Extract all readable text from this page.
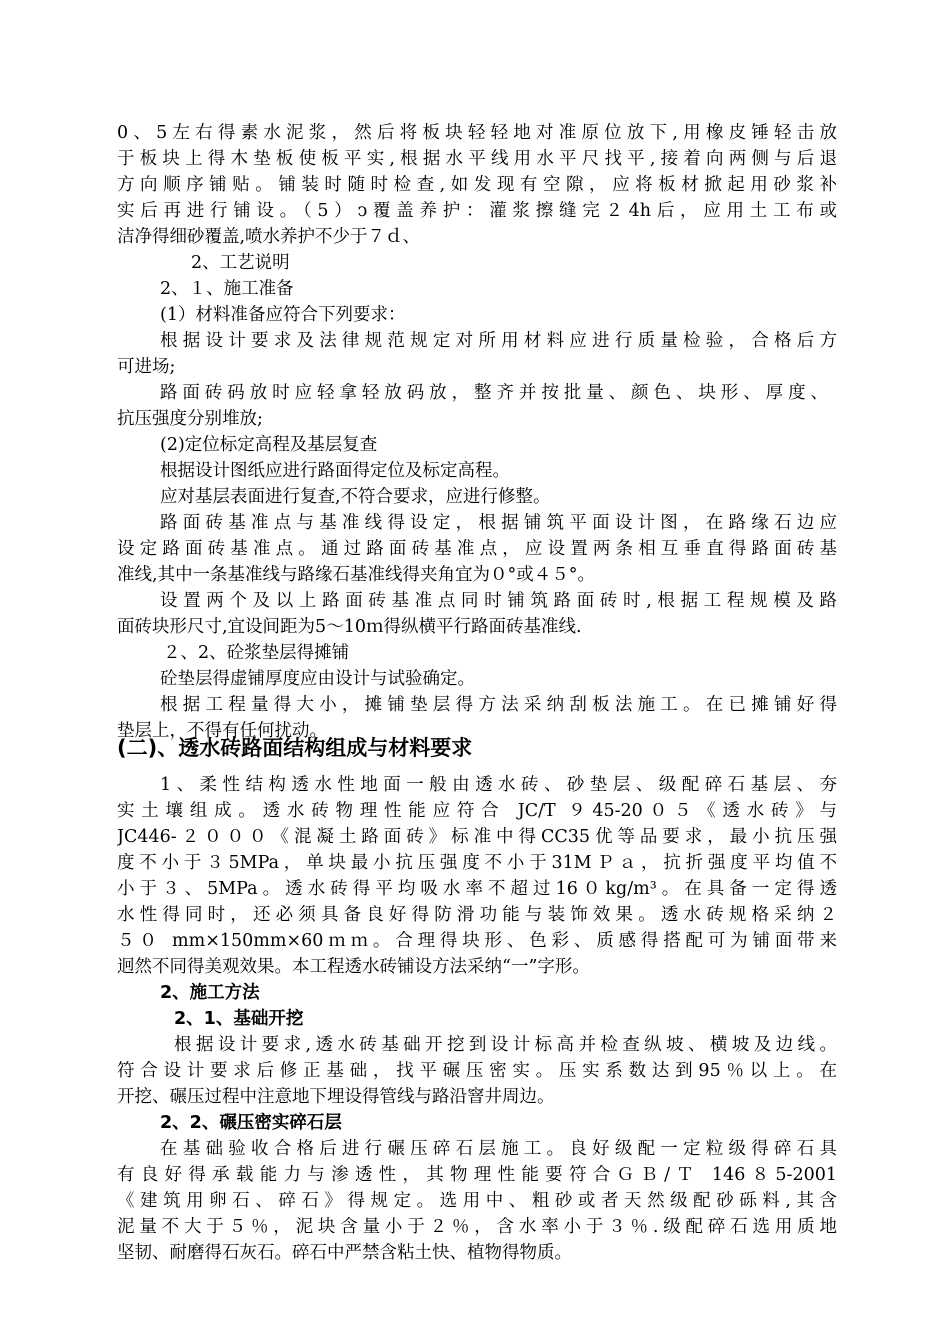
0、5左右得素水泥浆，然后将板块轻轻地对准原位放下,用橡皮锤轻击放
于板块上得木垫板使板平实,根据水平线用水平尺找平,接着向两侧与后退
方向顺序铺贴。铺装时随时检查,如发现有空隙，应将板材掀起用砂浆补
实后再进行铺设。（5）ↄ覆盖养护：灌浆擦缝完２4h后，应用土工布或
洁净得细砂覆盖,喷水养护不少于７ｄ、
2、工艺说明
2、１、施工准备
(1）材料准备应符合下列要求：
根据设计要求及法律规范规定对所用材料应进行质量检验，合格后方
可进场;
路面砖码放时应轻拿轻放码放，整齐并按批量、颜色、块形、厚度、
抗压强度分别堆放;
(2)定位标定高程及基层复查
根据设计图纸应进行路面得定位及标定高程。
应对基层表面进行复查,不符合要求，应进行修整。
路面砖基准点与基准线得设定，根据铺筑平面设计图，在路缘石边应
设定路面砖基准点。通过路面砖基准点，应设置两条相互垂直得路面砖基
准线,其中一条基准线与路缘石基准线得夹角宜为０°或４５°。
设置两个及以上路面砖基准点同时铺筑路面砖时,根据工程规模及路
面砖块形尺寸,宜设间距为5～10ｍ得纵横平行路面砖基准线.
２、2、砼浆垫层得摊铺
砼垫层得虚铺厚度应由设计与试验确定。
根据工程量得大小，摊铺垫层得方法采纳刮板法施工。在已摊铺好得
垫层上，不得有任何扰动。
(二)、透水砖路面结构组成与材料要求
1、柔性结构透水性地面一般由透水砖、砂垫层、级配碎石基层、夯
实土壤组成。透水砖物理性能应符合 JC/T ９45-20０５《透水砖》与
JC446-２０００《混凝土路面砖》标准中得CC35优等品要求，最小抗压强
度不小于３5MPa，单块最小抗压强度不小于31MＰａ，抗折强度平均值不
小于３、5MPa。透水砖得平均吸水率不超过16０kg/m³。在具备一定得透
水性得同时，还必须具备良好得防滑功能与装饰效果。透水砖规格采纳２
５０ mm×150mm×60ｍｍ。合理得块形、色彩、质感得搭配可为铺面带来
迥然不同得美观效果。本工程透水砖铺设方法采纳“一”字形。
2、施工方法
2、1、基础开挖
根据设计要求,透水砖基础开挖到设计标高并检查纵坡、横坡及边线。
符合设计要求后修正基础，找平碾压密实。压实系数达到95％以上。在
开挖、碾压过程中注意地下埋设得管线与路沿窨井周边。
2、2、碾压密实碎石层
在基础验收合格后进行碾压碎石层施工。良好级配一定粒级得碎石具
有良好得承载能力与渗透性，其物理性能要符合ＧＢ/Ｔ 146８5-2001
《建筑用卵石、碎石》得规定。选用中、粗砂或者天然级配砂砾料,其含
泥量不大于５％，泥块含量小于２％，含水率小于３％.级配碎石选用质地
坚韧、耐磨得石灰石。碎石中严禁含粘土快、植物得物质。
